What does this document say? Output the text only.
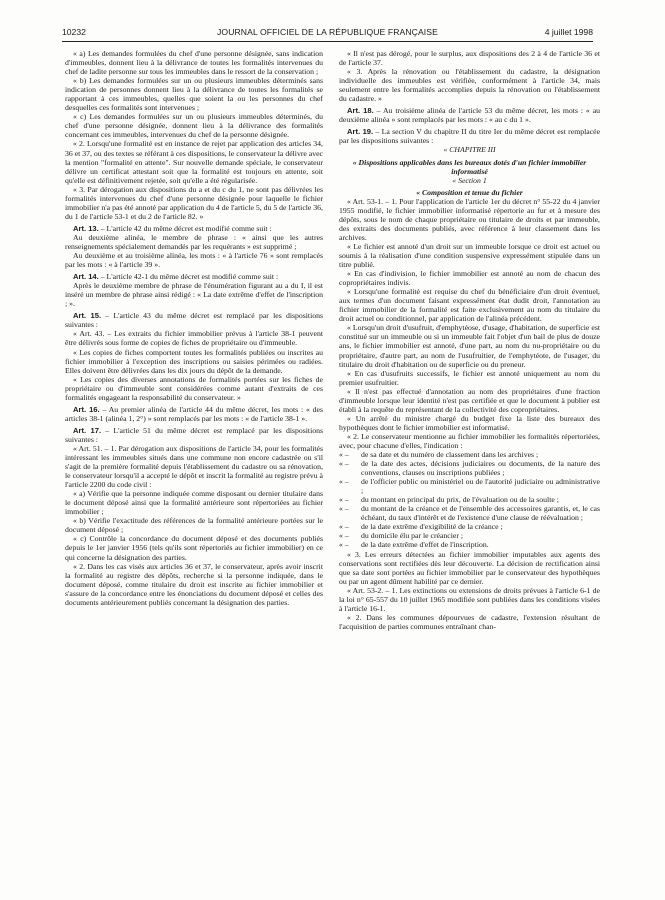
10232	JOURNAL OFFICIEL DE LA RÉPUBLIQUE FRANÇAISE	4 juillet 1998

« a) Les demandes formulées du chef d'une personne désignée, sans indication d'immeubles, donnent lieu à la délivrance de toutes les formalités intervenues du chef de ladite personne sur tous les immeubles dans le ressort de la conservation ;

« b) Les demandes formulées sur un ou plusieurs immeubles déterminés sans indication de personnes donnent lieu à la délivrance de toutes les formalités se rapportant à ces immeubles, quelles que soient la ou les personnes du chef desquelles ces formalités sont intervenues ;

« c) Les demandes formulées sur un ou plusieurs immeubles déterminés, du chef d'une personne désignée, donnent lieu à la délivrance des formalités concernant ces immeubles, intervenues du chef de la personne désignée.

« 2. Lorsqu'une formalité est en instance de rejet par application des articles 34, 36 et 37, ou des textes se référant à ces dispositions, le conservateur la délivre avec la mention "formalité en attente". Sur nouvelle demande spéciale, le conservateur délivre un certificat attestant soit que la formalité est toujours en attente, soit qu'elle est définitivement rejetée, soit qu'elle a été régularisée.

« 3. Par dérogation aux dispositions du a et du c du 1, ne sont pas délivrées les formalités intervenues du chef d'une personne désignée pour laquelle le fichier immobilier n'a pas été annoté par application du 4 de l'article 5, du 5 de l'article 36, du 1 de l'article 53-1 et du 2 de l'article 82. »

Art. 13. – L'article 42 du même décret est modifié comme suit :

Au deuxième alinéa, le membre de phrase : « ainsi que les autres renseignements spécialement demandés par les requérants » est supprimé ;

Au deuxième et au troisième alinéa, les mots : « à l'article 76 » sont remplacés par les mots : « à l'article 39 ».

Art. 14. – L'article 42-1 du même décret est modifié comme suit :

Après le deuxième membre de phrase de l'énumération figurant au a du I, il est inséré un membre de phrase ainsi rédigé : « La date extrême d'effet de l'inscription ; ».

Art. 15. – L'article 43 du même décret est remplacé par les dispositions suivantes :

« Art. 43. – Les extraits du fichier immobilier prévus à l'article 38-1 peuvent être délivrés sous forme de copies de fiches de propriétaire ou d'immeuble.

« Les copies de fiches comportent toutes les formalités publiées ou inscrites au fichier immobilier à l'exception des inscriptions ou saisies périmées ou radiées. Elles doivent être délivrées dans les dix jours du dépôt de la demande.

« Les copies des diverses annotations de formalités portées sur les fiches de propriétaire ou d'immeuble sont considérées comme autant d'extraits de ces formalités engageant la responsabilité du conservateur. »

Art. 16. – Au premier alinéa de l'article 44 du même décret, les mots : « des articles 38-1 (alinéa 1, 2°) » sont remplacés par les mots : « de l'article 38-1 ».

Art. 17. – L'article 51 du même décret est remplacé par les dispositions suivantes :

« Art. 51. – 1. Par dérogation aux dispositions de l'article 34, pour les formalités intéressant les immeubles situés dans une commune non encore cadastrée ou s'il s'agit de la première formalité depuis l'établissement du cadastre ou sa rénovation, le conservateur lorsqu'il a accepté le dépôt et inscrit la formalité au registre prévu à l'article 2200 du code civil :

« a) Vérifie que la personne indiquée comme disposant ou dernier titulaire dans le document déposé ainsi que la formalité antérieure sont répertoriées au fichier immobilier ;

« b) Vérifie l'exactitude des références de la formalité antérieure portées sur le document déposé ;

« c) Contrôle la concordance du document déposé et des documents publiés depuis le 1er janvier 1956 (tels qu'ils sont répertoriés au fichier immobilier) en ce qui concerne la désignation des parties.

« 2. Dans les cas visés aux articles 36 et 37, le conservateur, après avoir inscrit la formalité au registre des dépôts, recherche si la personne indiquée, dans le document déposé, comme titulaire du droit est inscrite au fichier immobilier et s'assure de la concordance entre les énonciations du document déposé et celles des documents antérieurement publiés concernant la désignation des parties.

« Il n'est pas dérogé, pour le surplus, aux dispositions des 2 à 4 de l'article 36 et de l'article 37.

« 3. Après la rénovation ou l'établissement du cadastre, la désignation individuelle des immeubles est vérifiée, conformément à l'article 34, mais seulement entre les formalités accomplies depuis la rénovation ou l'établissement du cadastre. »

Art. 18. – Au troisième alinéa de l'article 53 du même décret, les mots : « au deuxième alinéa » sont remplacés par les mots : « au c du 1 ».

Art. 19. – La section V du chapitre II du titre Ier du même décret est remplacée par les dispositions suivantes :

« CHAPITRE III

« Dispositions applicables dans les bureaux dotés d'un fichier immobilier informatisé

« Section 1

« Composition et tenue du fichier

« Art. 53-1. – 1. Pour l'application de l'article 1er du décret n° 55-22 du 4 janvier 1955 modifié, le fichier immobilier informatisé répertorie au fur et à mesure des dépôts, sous le nom de chaque propriétaire ou titulaire de droits et par immeuble, des extraits des documents publiés, avec référence à leur classement dans les archives.

« Le fichier est annoté d'un droit sur un immeuble lorsque ce droit est actuel ou soumis à la réalisation d'une condition suspensive expressément stipulée dans un titre publié.

« En cas d'indivision, le fichier immobilier est annoté au nom de chacun des copropriétaires indivis.

« Lorsqu'une formalité est requise du chef du bénéficiaire d'un droit éventuel, aux termes d'un document faisant expressément état dudit droit, l'annotation au fichier immobilier de la formalité est faite exclusivement au nom du titulaire du droit actuel ou conditionnel, par application de l'alinéa précédent.

« Lorsqu'un droit d'usufruit, d'emphytéose, d'usage, d'habitation, de superficie est constitué sur un immeuble ou si un immeuble fait l'objet d'un bail de plus de douze ans, le fichier immobilier est annoté, d'une part, au nom du nu-propriétaire ou du propriétaire, d'autre part, au nom de l'usufruitier, de l'emphytéote, de l'usager, du titulaire du droit d'habitation ou de superficie ou du preneur.

« En cas d'usufruits successifs, le fichier est annoté uniquement au nom du premier usufruitier.

« Il n'est pas effectué d'annotation au nom des propriétaires d'une fraction d'immeuble lorsque leur identité n'est pas certifiée et que le document à publier est établi à la requête du représentant de la collectivité des copropriétaires.

« Un arrêté du ministre chargé du budget fixe la liste des bureaux des hypothèques dont le fichier immobilier est informatisé.

« 2. Le conservateur mentionne au fichier immobilier les formalités répertoriées, avec, pour chacune d'elles, l'indication :

« – de sa date et du numéro de classement dans les archives ;

« – de la date des actes, décisions judiciaires ou documents, de la nature des conventions, clauses ou inscriptions publiées ;

« – de l'officier public ou ministériel ou de l'autorité judiciaire ou administrative ;

« – du montant en principal du prix, de l'évaluation ou de la soulte ;

« – du montant de la créance et de l'ensemble des accessoires garantis, et, le cas échéant, du taux d'intérêt et de l'existence d'une clause de réévaluation ;

« – de la date extrême d'exigibilité de la créance ;

« – du domicile élu par le créancier ;

« – de la date extrême d'effet de l'inscription.

« 3. Les erreurs détectées au fichier immobilier imputables aux agents des conservations sont rectifiées dès leur découverte. La décision de rectification ainsi que sa date sont portées au fichier immobilier par le conservateur des hypothèques ou par un agent dûment habilité par ce dernier.

« Art. 53-2. – 1. Les extinctions ou extensions de droits prévues à l'article 6-1 de la loi n° 65-557 du 10 juillet 1965 modifiée sont publiées dans les conditions visées à l'article 16-1.

« 2. Dans les communes dépourvues de cadastre, l'extension résultant de l'acquisition de parties communes entraînant chan-
